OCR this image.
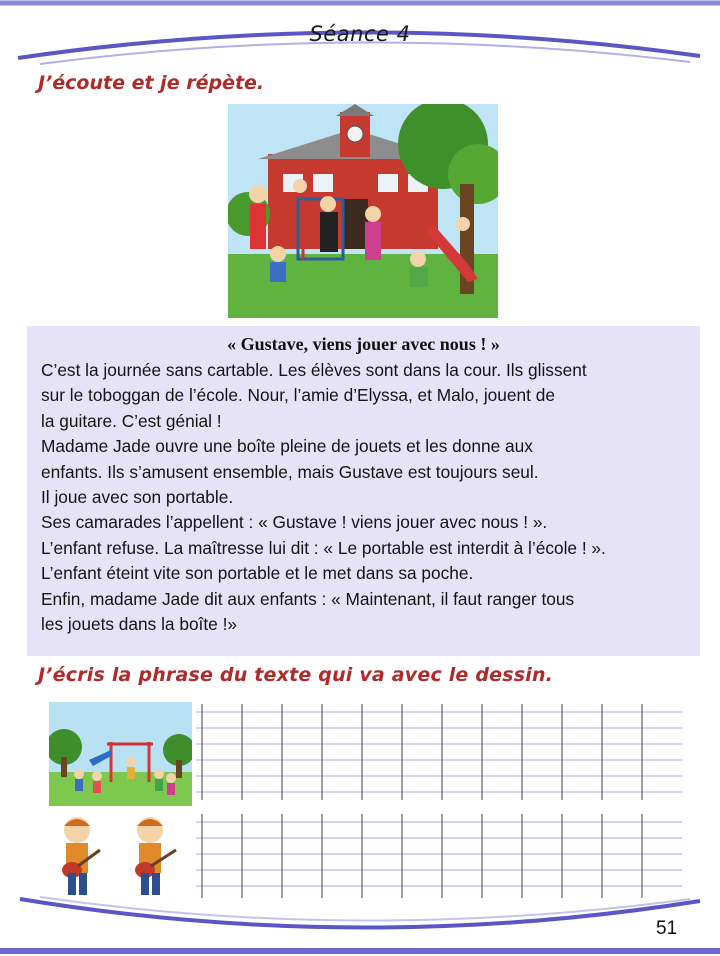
Séance 4
J’écoute et je répète.
« Gustave, viens jouer avec nous ! »
C’est la journée sans cartable. Les élèves sont dans la cour. Ils glissent
sur le toboggan de l’école. Nour, l’amie d’Elyssa, et Malo, jouent de
la guitare. C’est génial !
Madame Jade ouvre une boîte pleine de jouets et les donne aux
enfants. Ils s’amusent ensemble, mais Gustave est toujours seul.
Il joue avec son portable.
Ses camarades l’appellent : « Gustave ! viens jouer avec nous ! ».
L’enfant refuse. La maîtresse lui dit : « Le portable est interdit à l’école ! ».
L’enfant éteint vite son portable et le met dans sa poche.
Enfin, madame Jade dit aux enfants : « Maintenant, il faut ranger tous
les jouets dans la boîte !»
J’écris la phrase du texte qui va avec le dessin.
51
